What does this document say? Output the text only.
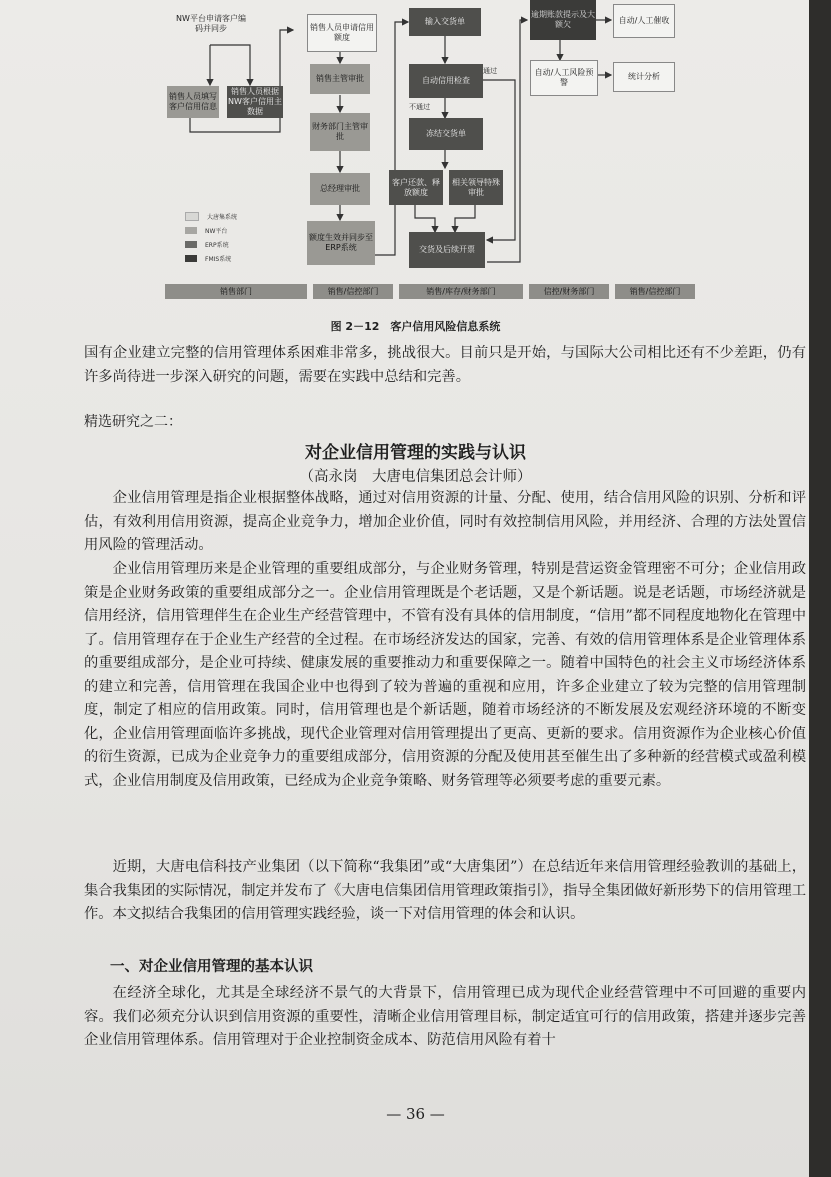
NW平台申请客户编码并同步
销售人员填写客户信用信息
销售人员根据NW客户信用主数据
销售人员申请信用额度
销售主管审批
财务部门主管审批
总经理审批
额度生效并同步至ERP系统
大唐集系统
NW平台
ERP系统
FMIS系统
输入交货单
自动信用检查
通过
不通过
冻结交货单
客户还款、释放额度
相关领导特殊审批
交货及后续开票
逾期账款提示及大额欠
自动/人工风险预警
自动/人工催收
统计分析
销售部门	销售/信控部门	销售/库存/财务部门	信控/财务部门	销售/信控部门
图 2－12　客户信用风险信息系统

国有企业建立完整的信用管理体系困难非常多，挑战很大。目前只是开始，与国际大公司相比还有不少差距，仍有许多尚待进一步深入研究的问题，需要在实践中总结和完善。

精选研究之二：
对企业信用管理的实践与认识
（高永岗　大唐电信集团总会计师）

企业信用管理是指企业根据整体战略，通过对信用资源的计量、分配、使用，结合信用风险的识别、分析和评估，有效利用信用资源，提高企业竞争力，增加企业价值，同时有效控制信用风险，并用经济、合理的方法处置信用风险的管理活动。

企业信用管理历来是企业管理的重要组成部分，与企业财务管理，特别是营运资金管理密不可分；企业信用政策是企业财务政策的重要组成部分之一。企业信用管理既是个老话题，又是个新话题。说是老话题，市场经济就是信用经济，信用管理伴生在企业生产经营管理中，不管有没有具体的信用制度，“信用”都不同程度地物化在管理中了。信用管理存在于企业生产经营的全过程。在市场经济发达的国家，完善、有效的信用管理体系是企业管理体系的重要组成部分，是企业可持续、健康发展的重要推动力和重要保障之一。随着中国特色的社会主义市场经济体系的建立和完善，信用管理在我国企业中也得到了较为普遍的重视和应用，许多企业建立了较为完整的信用管理制度，制定了相应的信用政策。同时，信用管理也是个新话题，随着市场经济的不断发展及宏观经济环境的不断变化，企业信用管理面临许多挑战，现代企业管理对信用管理提出了更高、更新的要求。信用资源作为企业核心价值的衍生资源，已成为企业竞争力的重要组成部分，信用资源的分配及使用甚至催生出了多种新的经营模式或盈利模式，企业信用制度及信用政策，已经成为企业竞争策略、财务管理等必须要考虑的重要元素。

近期，大唐电信科技产业集团（以下简称“我集团”或“大唐集团”）在总结近年来信用管理经验教训的基础上，集合我集团的实际情况，制定并发布了《大唐电信集团信用管理政策指引》，指导全集团做好新形势下的信用管理工作。本文拟结合我集团的信用管理实践经验，谈一下对信用管理的体会和认识。

一、对企业信用管理的基本认识

在经济全球化，尤其是全球经济不景气的大背景下，信用管理已成为现代企业经营管理中不可回避的重要内容。我们必须充分认识到信用资源的重要性，清晰企业信用管理目标，制定适宜可行的信用政策，搭建并逐步完善企业信用管理体系。信用管理对于企业控制资金成本、防范信用风险有着十

— 36 —
